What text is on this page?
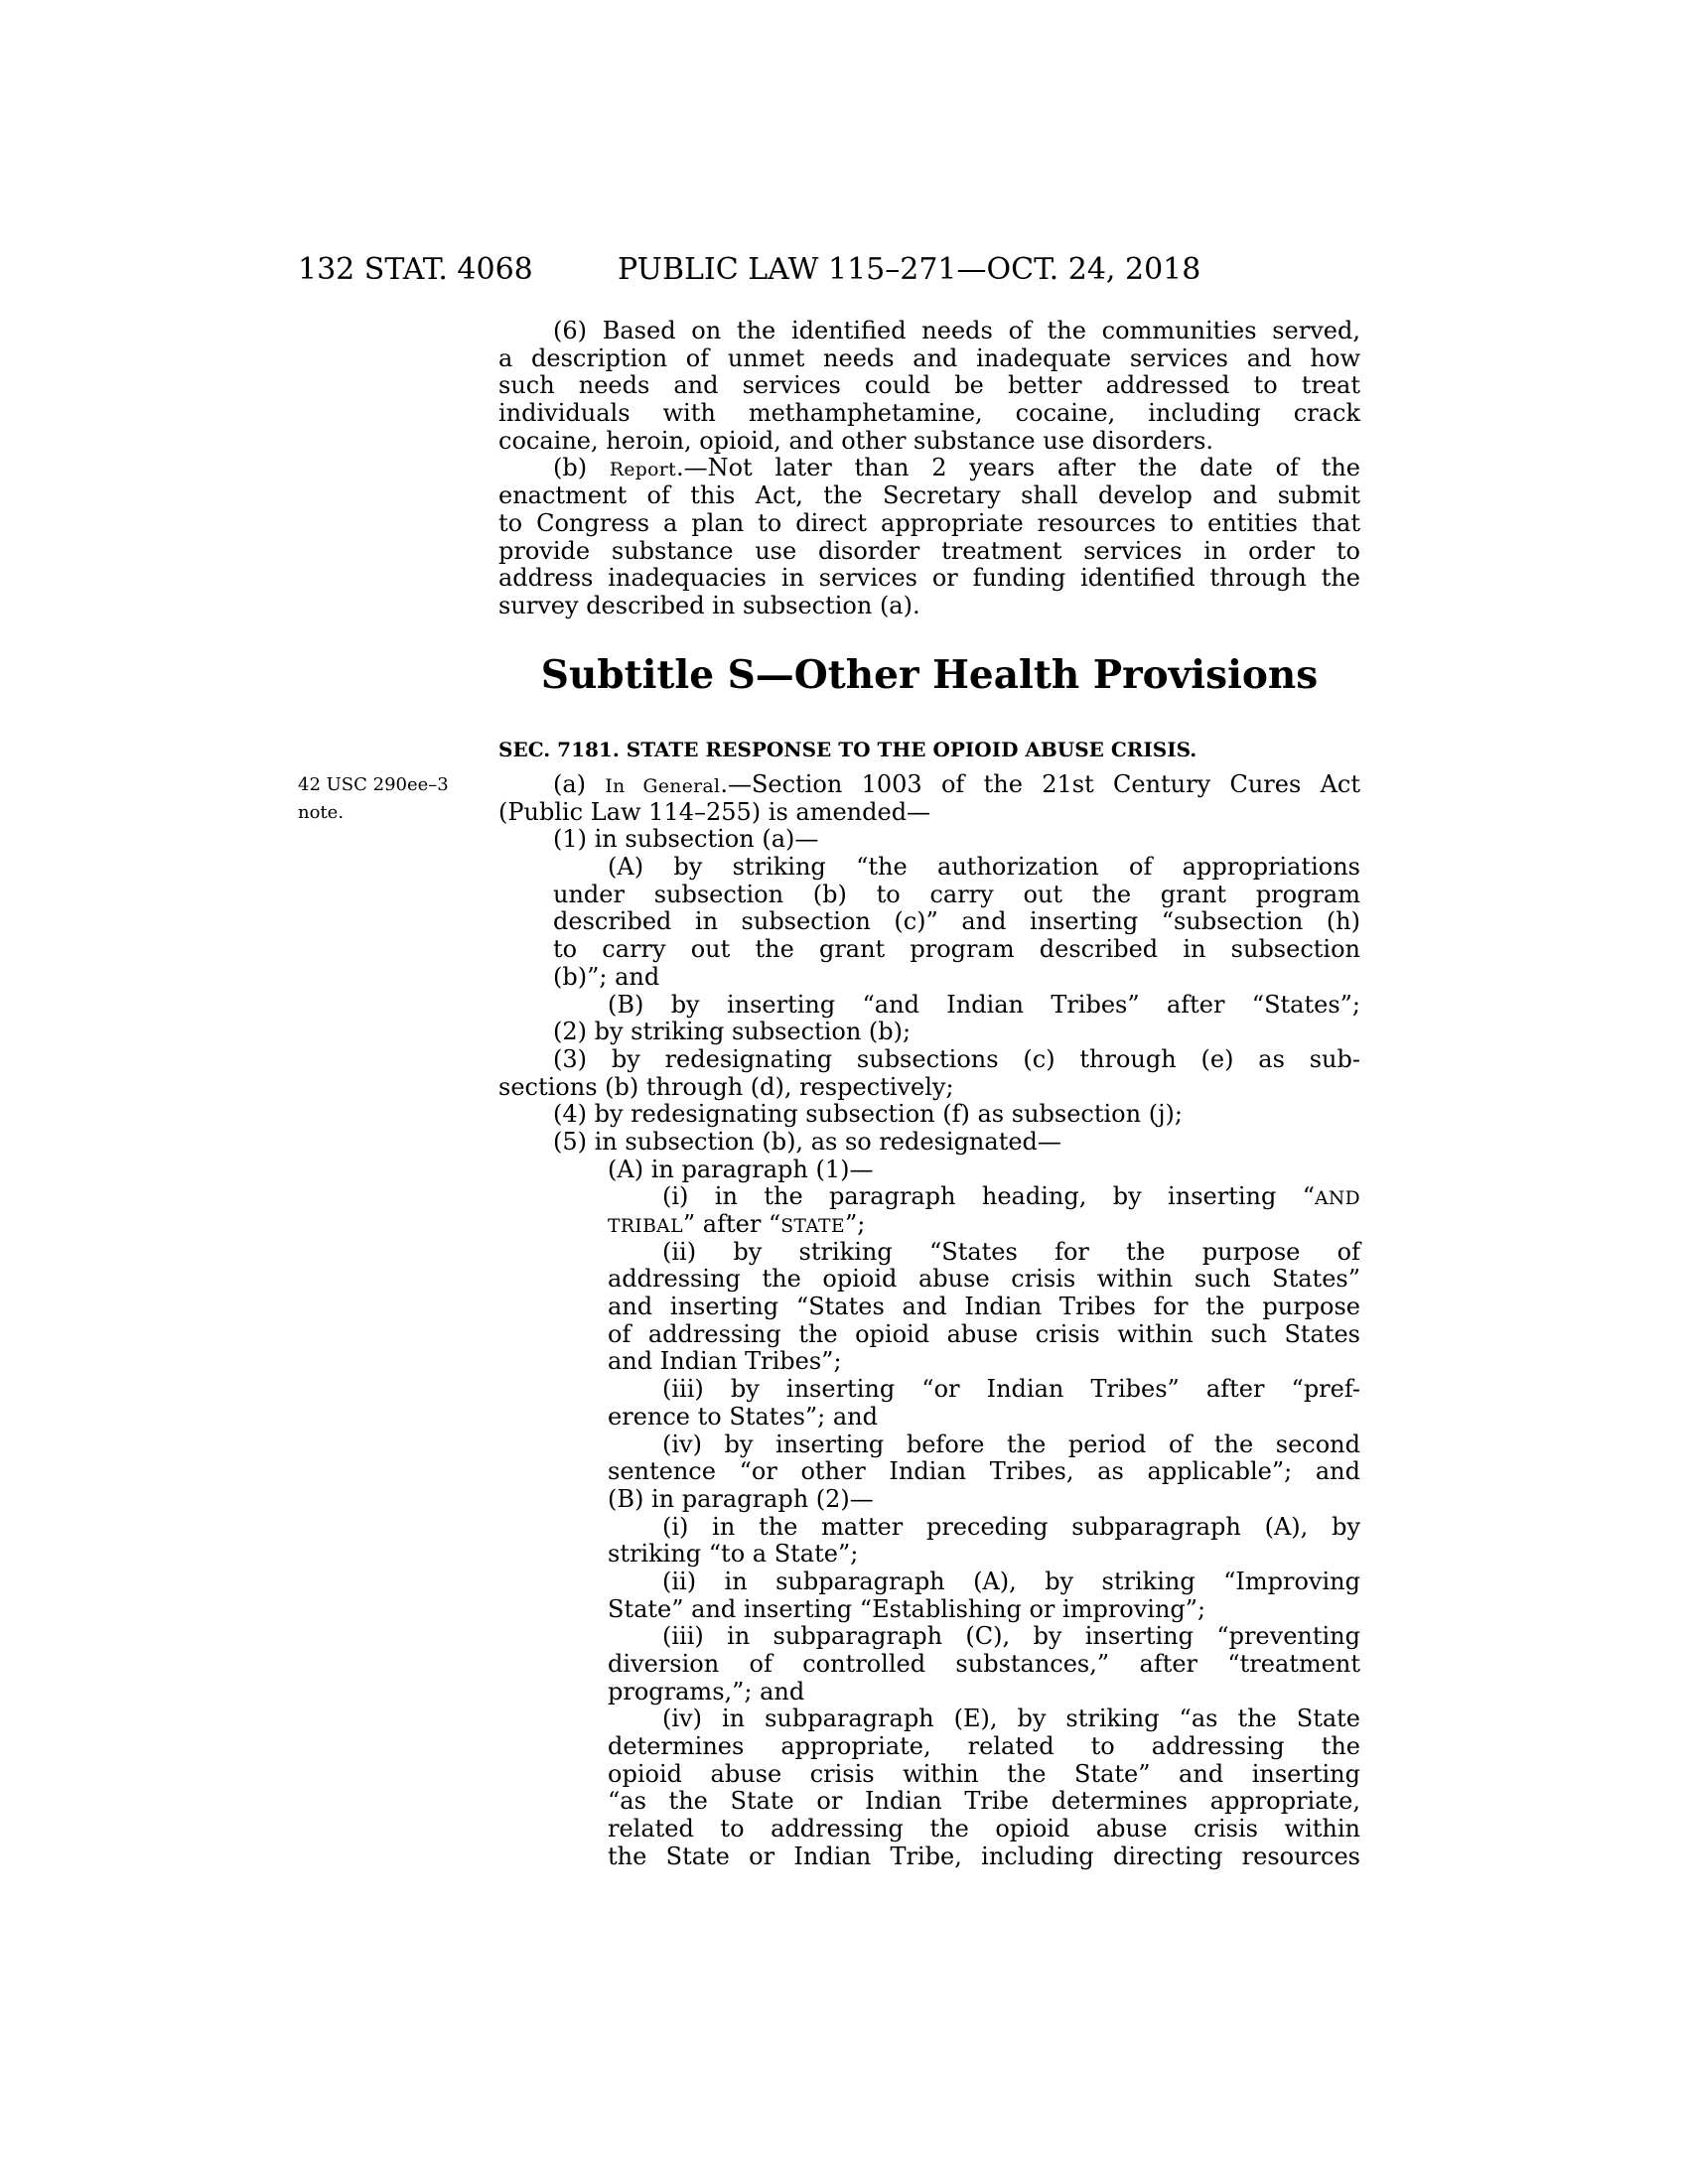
132 STAT. 4068	PUBLIC LAW 115–271—OCT. 24, 2018
(6) Based on the identified needs of the communities served,
a description of unmet needs and inadequate services and how
such needs and services could be better addressed to treat
individuals with methamphetamine, cocaine, including crack
cocaine, heroin, opioid, and other substance use disorders.
(b) Report.—Not later than 2 years after the date of the
enactment of this Act, the Secretary shall develop and submit
to Congress a plan to direct appropriate resources to entities that
provide substance use disorder treatment services in order to
address inadequacies in services or funding identified through the
survey described in subsection (a).
Subtitle S—Other Health Provisions
SEC. 7181. STATE RESPONSE TO THE OPIOID ABUSE CRISIS.
42 USC 290ee–3
note.
(a) In General.—Section 1003 of the 21st Century Cures Act
(Public Law 114–255) is amended—
(1) in subsection (a)—
(A) by striking “the authorization of appropriations
under subsection (b) to carry out the grant program
described in subsection (c)” and inserting “subsection (h)
to carry out the grant program described in subsection
(b)”; and
(B) by inserting “and Indian Tribes” after “States”;
(2) by striking subsection (b);
(3) by redesignating subsections (c) through (e) as sub-
sections (b) through (d), respectively;
(4) by redesignating subsection (f) as subsection (j);
(5) in subsection (b), as so redesignated—
(A) in paragraph (1)—
(i) in the paragraph heading, by inserting “AND
TRIBAL” after “STATE”;
(ii) by striking “States for the purpose of
addressing the opioid abuse crisis within such States”
and inserting “States and Indian Tribes for the purpose
of addressing the opioid abuse crisis within such States
and Indian Tribes”;
(iii) by inserting “or Indian Tribes” after “pref-
erence to States”; and
(iv) by inserting before the period of the second
sentence “or other Indian Tribes, as applicable”; and
(B) in paragraph (2)—
(i) in the matter preceding subparagraph (A), by
striking “to a State”;
(ii) in subparagraph (A), by striking “Improving
State” and inserting “Establishing or improving”;
(iii) in subparagraph (C), by inserting “preventing
diversion of controlled substances,” after “treatment
programs,”; and
(iv) in subparagraph (E), by striking “as the State
determines appropriate, related to addressing the
opioid abuse crisis within the State” and inserting
“as the State or Indian Tribe determines appropriate,
related to addressing the opioid abuse crisis within
the State or Indian Tribe, including directing resources
